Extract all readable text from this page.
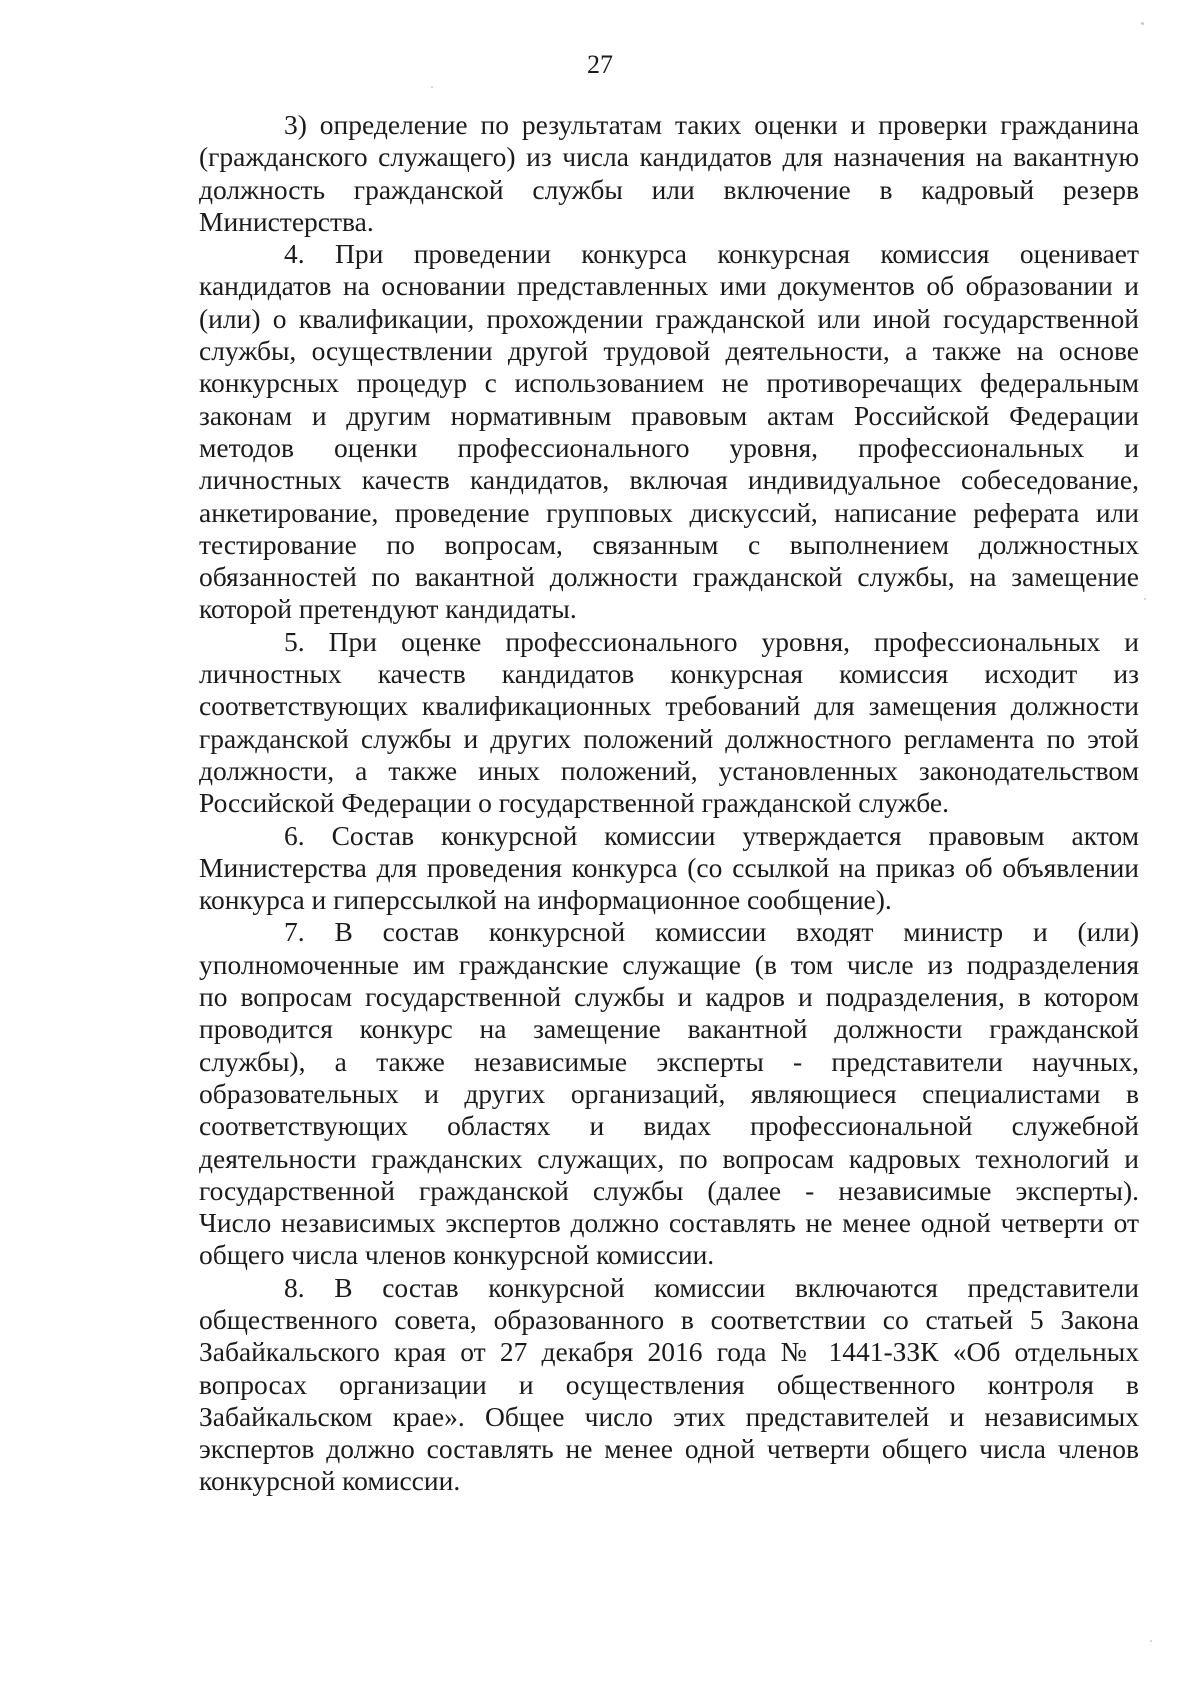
27
3) определение по результатам таких оценки и проверки гражданина
(гражданского служащего) из числа кандидатов для назначения на вакантную
должность гражданской службы или включение в кадровый резерв
Министерства.
4. При проведении конкурса конкурсная комиссия оценивает
кандидатов на основании представленных ими документов об образовании и
(или) о квалификации, прохождении гражданской или иной государственной
службы, осуществлении другой трудовой деятельности, а также на основе
конкурсных процедур с использованием не противоречащих федеральным
законам и другим нормативным правовым актам Российской Федерации
методов оценки профессионального уровня, профессиональных и
личностных качеств кандидатов, включая индивидуальное собеседование,
анкетирование, проведение групповых дискуссий, написание реферата или
тестирование по вопросам, связанным с выполнением должностных
обязанностей по вакантной должности гражданской службы, на замещение
которой претендуют кандидаты.
5. При оценке профессионального уровня, профессиональных и
личностных качеств кандидатов конкурсная комиссия исходит из
соответствующих квалификационных требований для замещения должности
гражданской службы и других положений должностного регламента по этой
должности, а также иных положений, установленных законодательством
Российской Федерации о государственной гражданской службе.
6. Состав конкурсной комиссии утверждается правовым актом
Министерства для проведения конкурса (со ссылкой на приказ об объявлении
конкурса и гиперссылкой на информационное сообщение).
7. В состав конкурсной комиссии входят министр и (или)
уполномоченные им гражданские служащие (в том числе из подразделения
по вопросам государственной службы и кадров и подразделения, в котором
проводится конкурс на замещение вакантной должности гражданской
службы), а также независимые эксперты - представители научных,
образовательных и других организаций, являющиеся специалистами в
соответствующих областях и видах профессиональной служебной
деятельности гражданских служащих, по вопросам кадровых технологий и
государственной гражданской службы (далее - независимые эксперты).
Число независимых экспертов должно составлять не менее одной четверти от
общего числа членов конкурсной комиссии.
8. В состав конкурсной комиссии включаются представители
общественного совета, образованного в соответствии со статьей 5 Закона
Забайкальского края от 27 декабря 2016 года № 1441-ЗЗК «Об отдельных
вопросах организации и осуществления общественного контроля в
Забайкальском крае». Общее число этих представителей и независимых
экспертов должно составлять не менее одной четверти общего числа членов
конкурсной комиссии.
